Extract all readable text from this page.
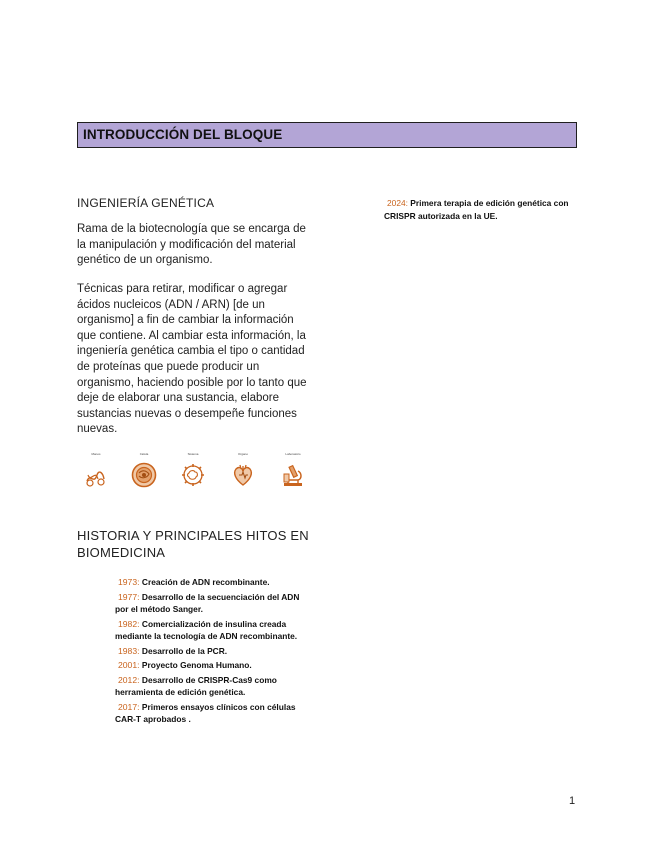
INTRODUCCIÓN DEL BLOQUE
INGENIERÍA GENÉTICA

Rama de la biotecnología que se encarga de la manipulación y modificación del material genético de un organismo.

Técnicas para retirar, modificar o agregar ácidos nucleicos (ADN / ARN) [de un organismo] a fin de cambiar la información que contiene. Al cambiar esta información, la ingeniería genética cambia el tipo o cantidad de proteínas que puede producir un organismo, haciendo posible por lo tanto que deje de elaborar una sustancia, elabore sustancias nuevas o desempeñe funciones nuevas.

Manos	Célula	Sistema	Órgano	Laboratorio
HISTORIA Y PRINCIPALES HITOS EN BIOMEDICINA
1973: Creación de ADN recombinante.
1977: Desarrollo de la secuenciación del ADN por el método Sanger.
1982: Comercialización de insulina creada mediante la tecnología de ADN recombinante.
1983: Desarrollo de la PCR.
2001: Proyecto Genoma Humano.
2012: Desarrollo de CRISPR-Cas9 como herramienta de edición genética.
2017: Primeros ensayos clínicos con células CAR-T aprobados .
2024: Primera terapia de edición genética con CRISPR autorizada en la UE.
1
